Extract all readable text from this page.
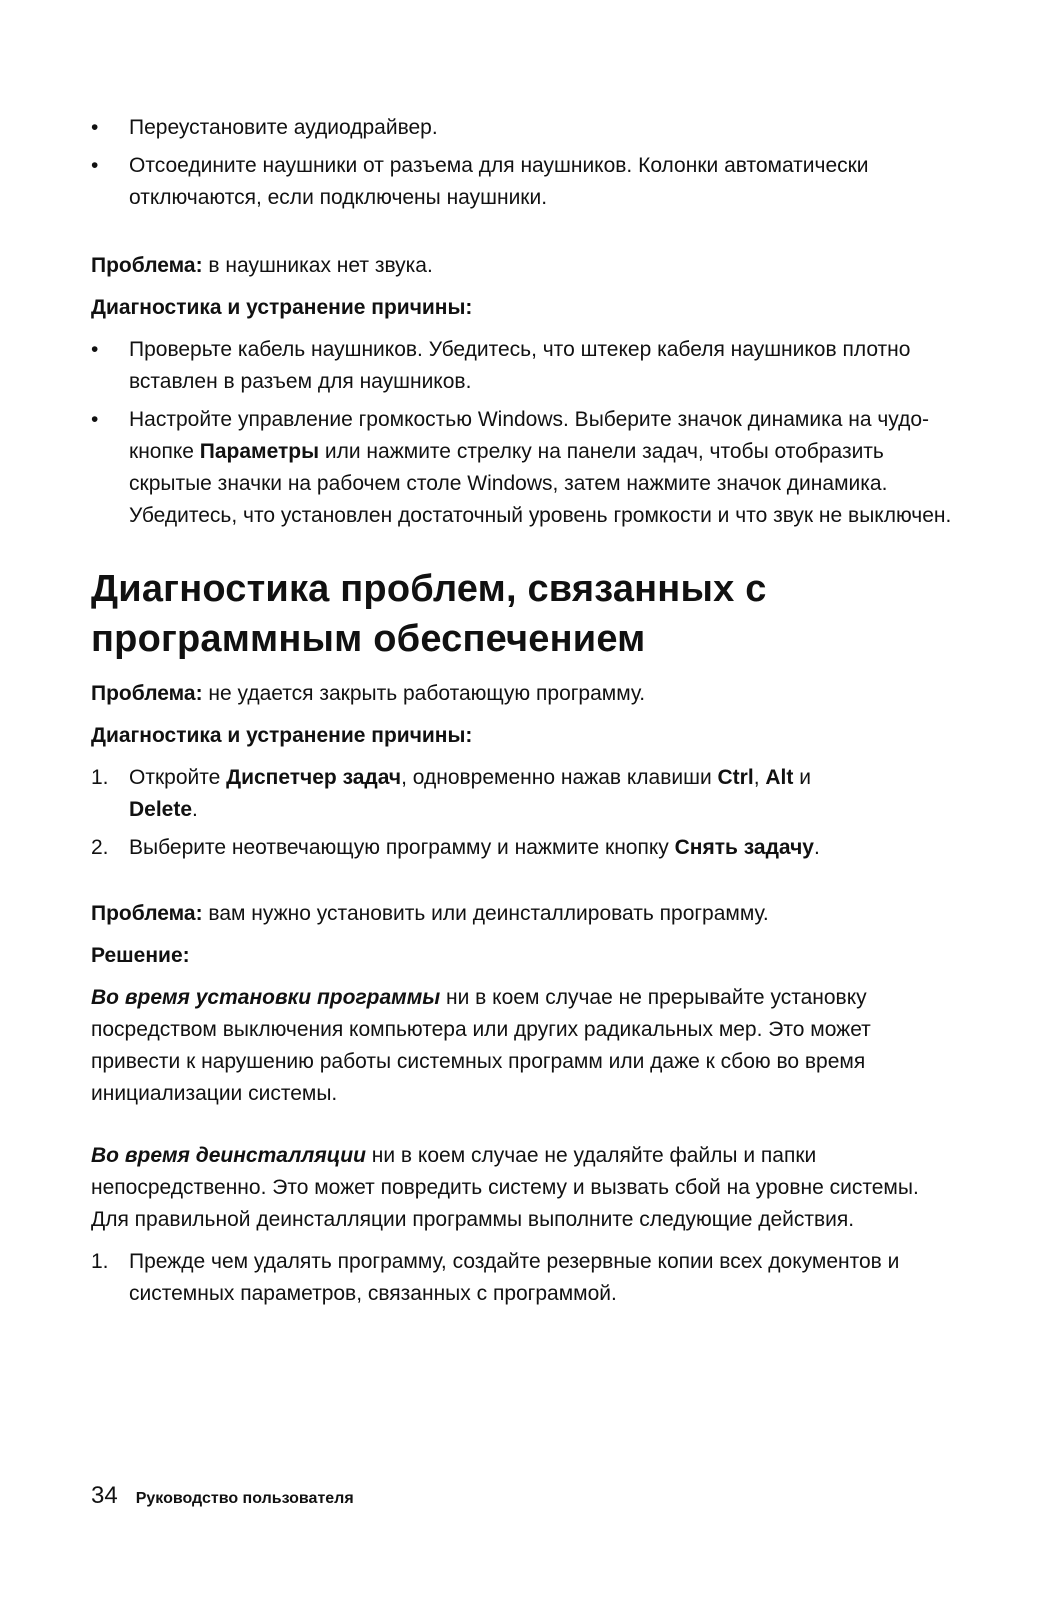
• Переустановите аудиодрайвер.
• Отсоедините наушники от разъема для наушников. Колонки автоматически отключаются, если подключены наушники.

Проблема: в наушниках нет звука.

Диагностика и устранение причины:

• Проверьте кабель наушников. Убедитесь, что штекер кабеля наушников плотно вставлен в разъем для наушников.
• Настройте управление громкостью Windows. Выберите значок динамика на чудо-кнопке Параметры или нажмите стрелку на панели задач, чтобы отобразить скрытые значки на рабочем столе Windows, затем нажмите значок динамика. Убедитесь, что установлен достаточный уровень громкости и что звук не выключен.
Диагностика проблем, связанных с программным обеспечением

Проблема: не удается закрыть работающую программу.

Диагностика и устранение причины:

1. Откройте Диспетчер задач, одновременно нажав клавиши Ctrl, Alt и
Delete.
2. Выберите неотвечающую программу и нажмите кнопку Снять задачу.

Проблема: вам нужно установить или деинсталлировать программу.

Решение:

Во время установки программы ни в коем случае не прерывайте установку посредством выключения компьютера или других радикальных мер. Это может привести к нарушению работы системных программ или даже к сбою во время инициализации системы.

Во время деинсталляции ни в коем случае не удаляйте файлы и папки непосредственно. Это может повредить систему и вызвать сбой на уровне системы.

Для правильной деинсталляции программы выполните следующие действия.

1. Прежде чем удалять программу, создайте резервные копии всех документов и системных параметров, связанных с программой.
34 Руководство пользователя
